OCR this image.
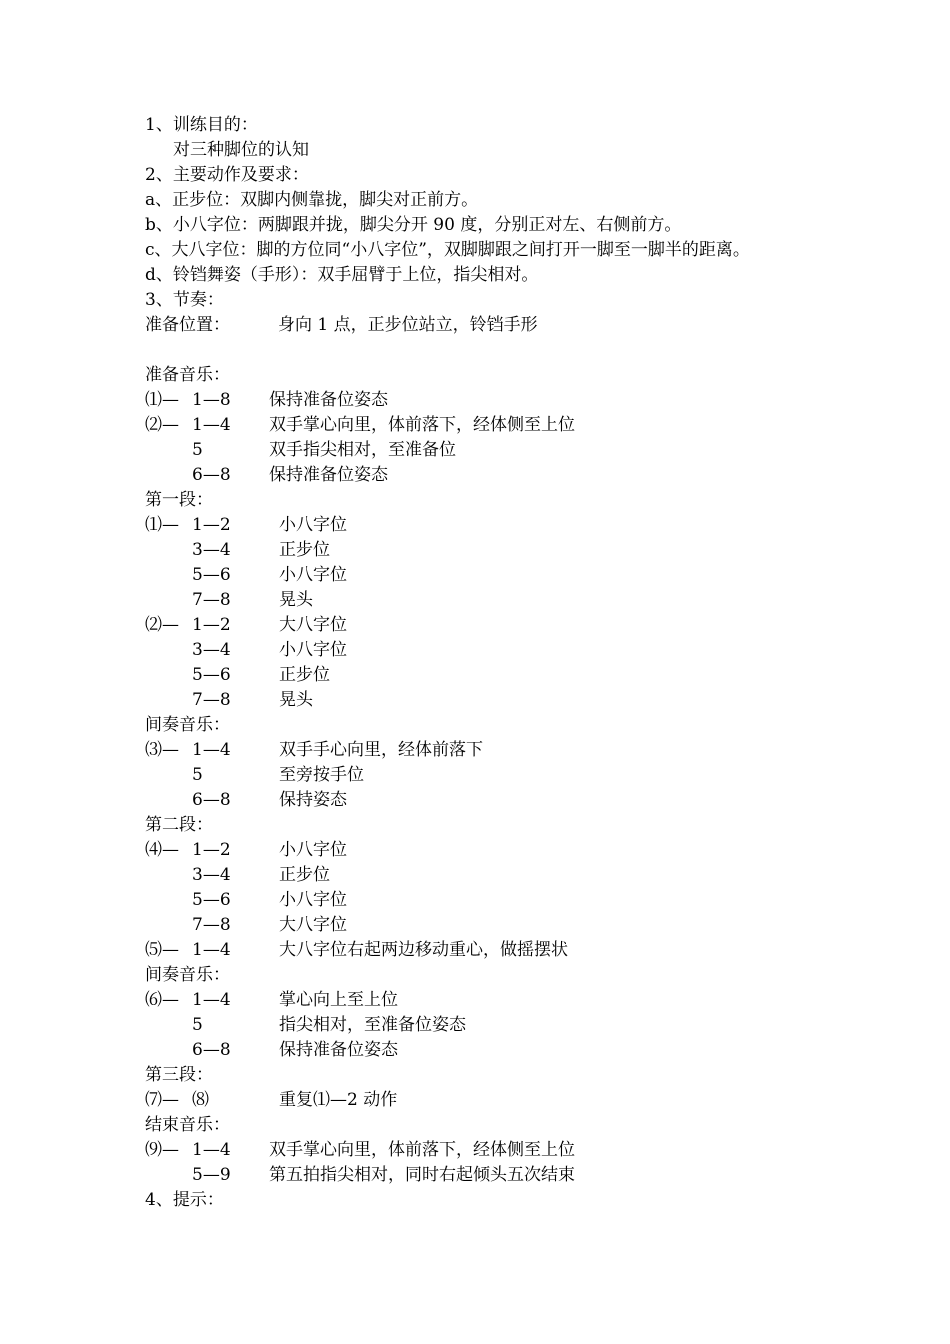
1、训练目的：
对三种脚位的认知
2、主要动作及要求：
a、正步位：双脚内侧靠拢，脚尖对正前方。
b、小八字位：两脚跟并拢，脚尖分开 90 度，分别正对左、右侧前方。
c、大八字位：脚的方位同“小八字位”，双脚脚跟之间打开一脚至一脚半的距离。
d、铃铛舞姿（手形）：双手屈臂于上位，指尖相对。
3、节奏：
准备位置：	身向 1 点，正步位站立，铃铛手形
准备音乐：
⑴— 1—8	保持准备位姿态
⑵— 1—4	双手掌心向里，体前落下，经体侧至上位
5	双手指尖相对，至准备位
6—8	保持准备位姿态
第一段：
⑴— 1—2	小八字位
3—4	正步位
5—6	小八字位
7—8	晃头
⑵— 1—2	大八字位
3—4	小八字位
5—6	正步位
7—8	晃头
间奏音乐：
⑶— 1—4	双手手心向里，经体前落下
5	至旁按手位
6—8	保持姿态
第二段：
⑷— 1—2	小八字位
3—4	正步位
5—6	小八字位
7—8	大八字位
⑸— 1—4	大八字位右起两边移动重心，做摇摆状
间奏音乐：
⑹— 1—4	掌心向上至上位
5	指尖相对，至准备位姿态
6—8	保持准备位姿态
第三段：
⑺— ⑻	重复⑴—2 动作
结束音乐：
⑼— 1—4	双手掌心向里，体前落下，经体侧至上位
5—9	第五拍指尖相对，同时右起倾头五次结束
4、提示：
